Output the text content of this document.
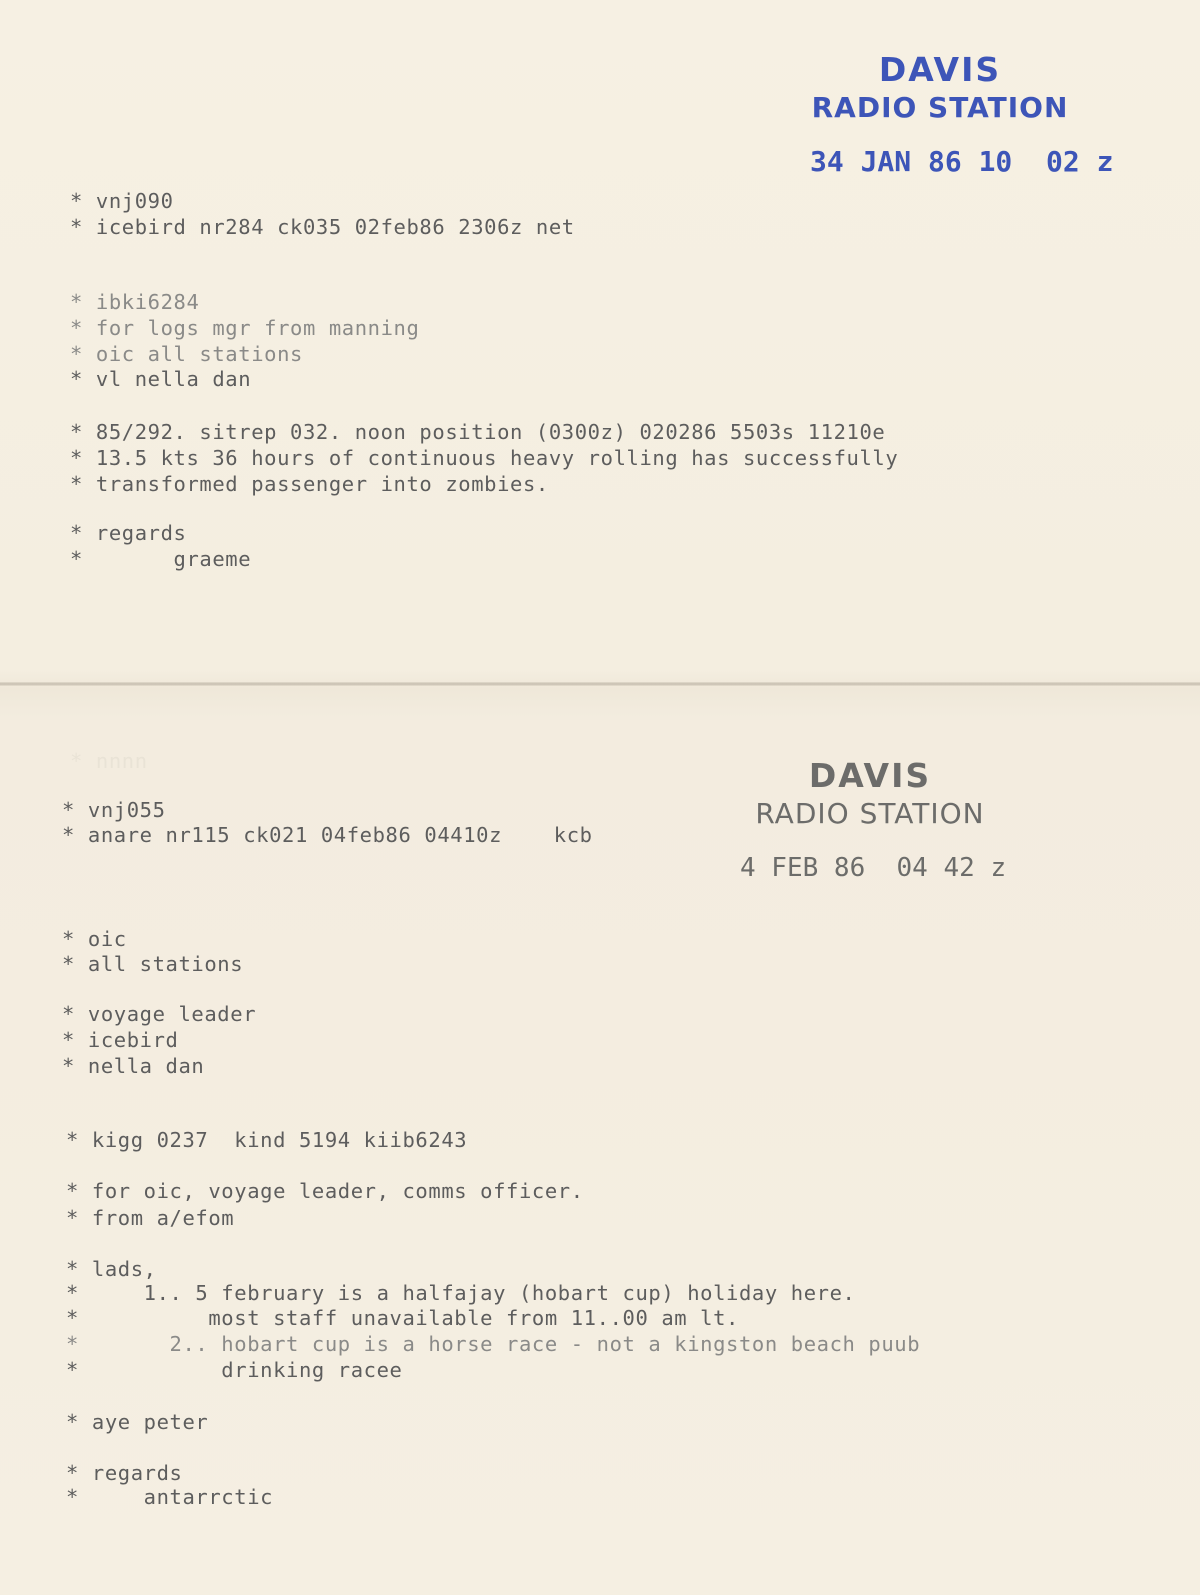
DAVIS
RADIO STATION
34 JAN 86 10  02 z
* vnj090
* icebird nr284 ck035 02feb86 2306z net
* ibki6284
* for logs mgr from manning
* oic all stations
* vl nella dan
* 85/292. sitrep 032. noon position (0300z) 020286 5503s 11210e
* 13.5 kts 36 hours of continuous heavy rolling has successfully
* transformed passenger into zombies.
* regards
*       graeme
* nnnn	DAVIS
RADIO STATION
4 FEB 86  04 42 z
* vnj055
* anare nr115 ck021 04feb86 04410z    kcb
* oic
* all stations
* voyage leader
* icebird
* nella dan
* kigg 0237  kind 5194 kiib6243
* for oic, voyage leader, comms officer.
* from a/efom
* lads,
*     1.. 5 february is a halfajay (hobart cup) holiday here.
*          most staff unavailable from 11..00 am lt.
*       2.. hobart cup is a horse race - not a kingston beach puub
*           drinking racee
* aye peter
* regards
*     antarrctic
